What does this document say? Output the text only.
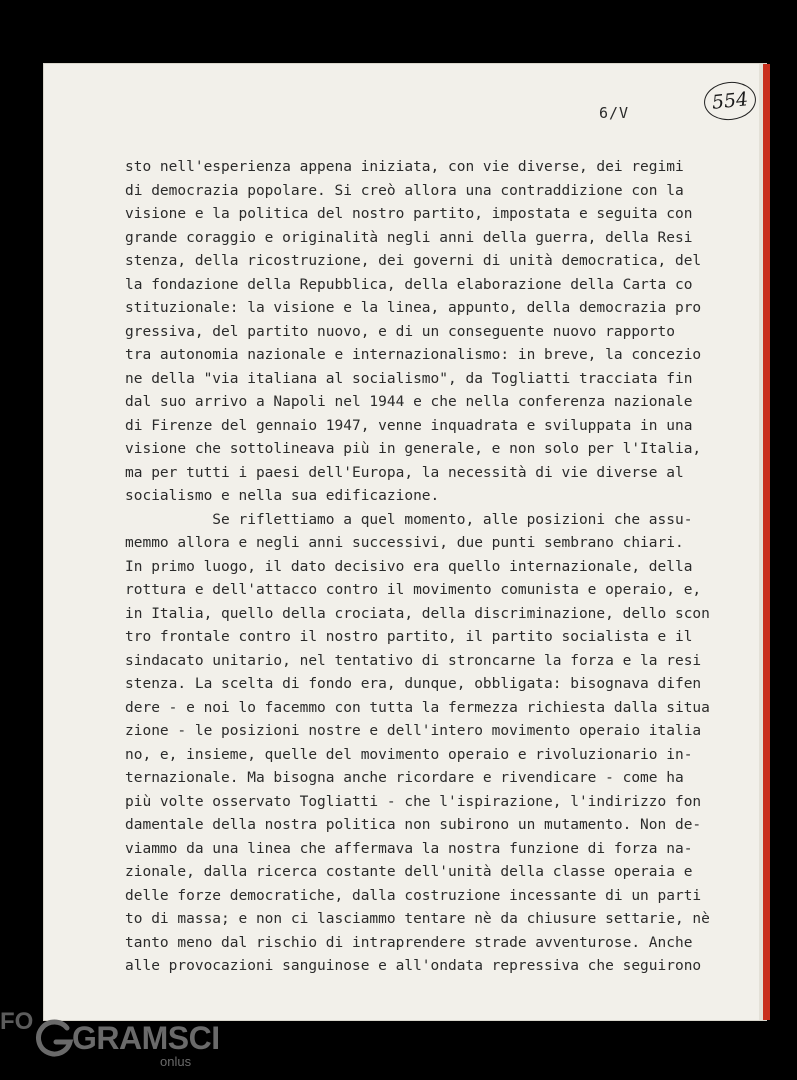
554
6/V
sto nell'esperienza appena iniziata, con vie diverse, dei regimi
di democrazia popolare. Si creò allora una contraddizione con la
visione e la politica del nostro partito, impostata e seguita con
grande coraggio e originalità negli anni della guerra, della Resi
stenza, della ricostruzione, dei governi di unità democratica, del
la fondazione della Repubblica, della elaborazione della Carta co
stituzionale: la visione e la linea, appunto, della democrazia pro
gressiva, del partito nuovo, e di un conseguente nuovo rapporto
tra autonomia nazionale e internazionalismo: in breve, la concezio
ne della "via italiana al socialismo", da Togliatti tracciata fin
dal suo arrivo a Napoli nel 1944 e che nella conferenza nazionale
di Firenze del gennaio 1947, venne inquadrata e sviluppata in una
visione che sottolineava più in generale, e non solo per l'Italia,
ma per tutti i paesi dell'Europa, la necessità di vie diverse al
socialismo e nella sua edificazione.
Se riflettiamo a quel momento, alle posizioni che assu-
memmo allora e negli anni successivi, due punti sembrano chiari.
In primo luogo, il dato decisivo era quello internazionale, della
rottura e dell'attacco contro il movimento comunista e operaio, e,
in Italia, quello della crociata, della discriminazione, dello scon
tro frontale contro il nostro partito, il partito socialista e il
sindacato unitario, nel tentativo di stroncarne la forza e la resi
stenza. La scelta di fondo era, dunque, obbligata: bisognava difen
dere - e noi lo facemmo con tutta la fermezza richiesta dalla situa
zione - le posizioni nostre e dell'intero movimento operaio italia
no, e, insieme, quelle del movimento operaio e rivoluzionario in-
ternazionale. Ma bisogna anche ricordare e rivendicare - come ha
più volte osservato Togliatti - che l'ispirazione, l'indirizzo fon
damentale della nostra politica non subirono un mutamento. Non de-
viammo da una linea che affermava la nostra funzione di forza na-
zionale, dalla ricerca costante dell'unità della classe operaia e
delle forze democratiche, dalla costruzione incessante di un parti
to di massa; e non ci lasciammo tentare nè da chiusure settarie, nè
tanto meno dal rischio di intraprendere strade avventurose. Anche
alle provocazioni sanguinose e all'ondata repressiva che seguirono
FO GRAMSCI
onlus
